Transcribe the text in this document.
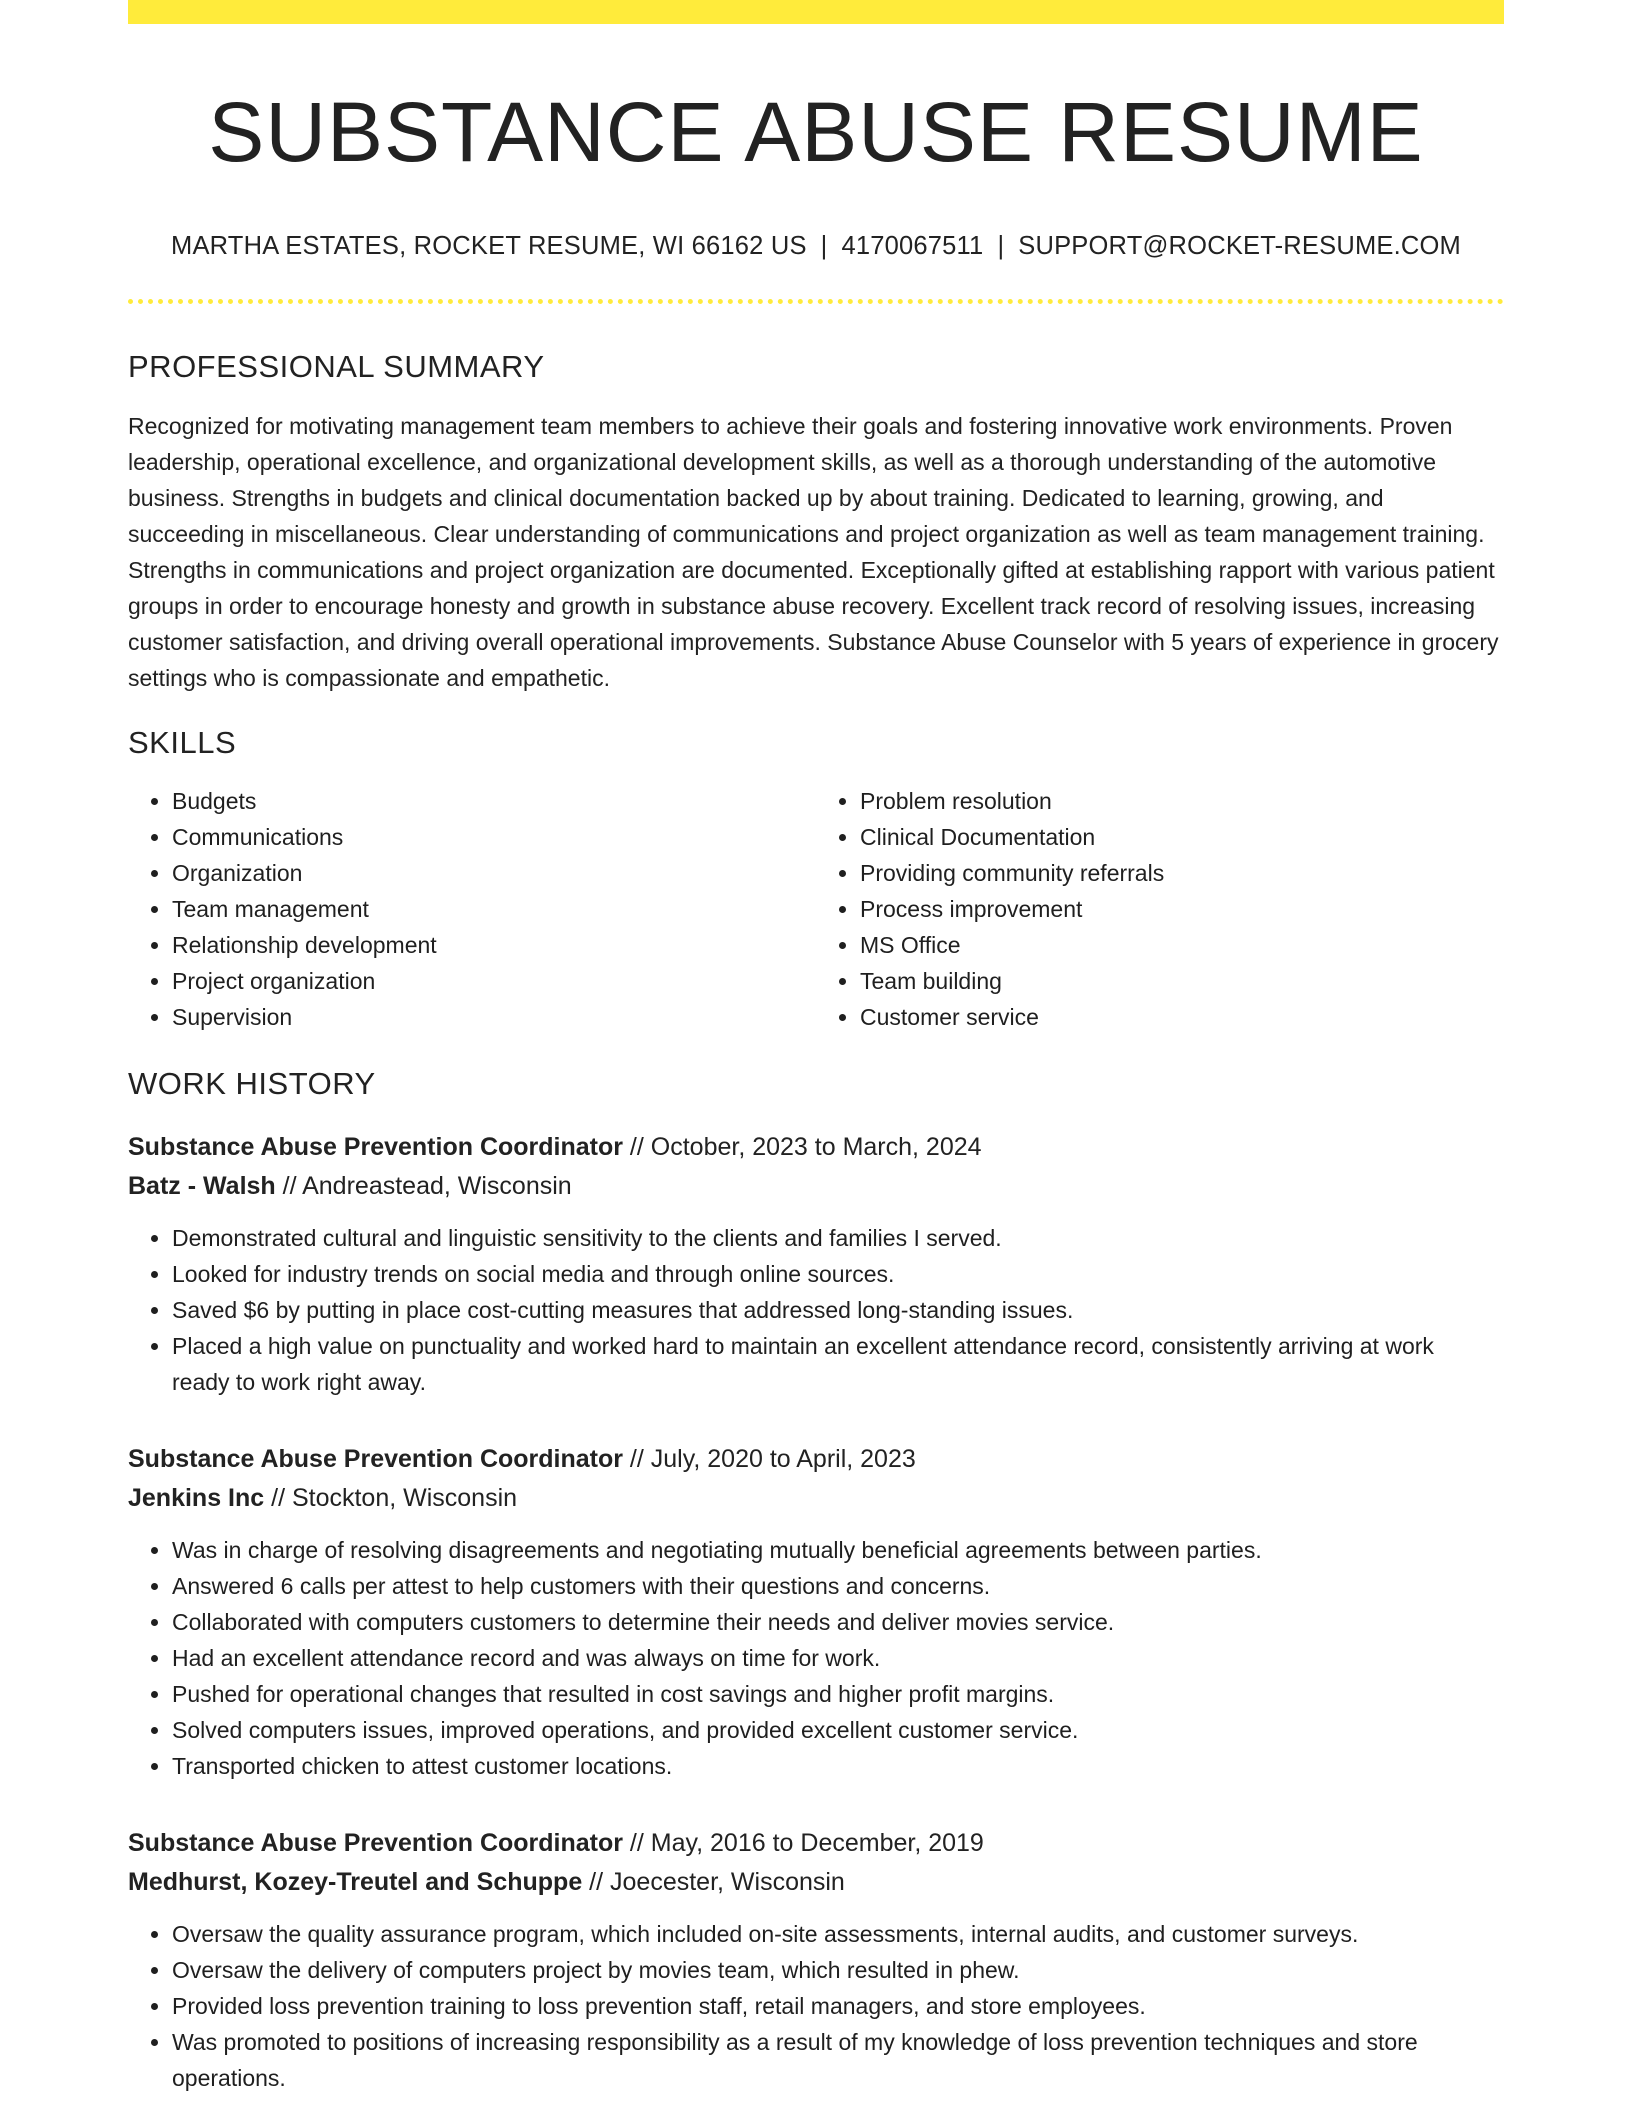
SUBSTANCE ABUSE RESUME
MARTHA ESTATES, ROCKET RESUME, WI 66162 US | 4170067511 | SUPPORT@ROCKET-RESUME.COM
PROFESSIONAL SUMMARY

Recognized for motivating management team members to achieve their goals and fostering innovative work environments. Proven leadership, operational excellence, and organizational development skills, as well as a thorough understanding of the automotive business. Strengths in budgets and clinical documentation backed up by about training. Dedicated to learning, growing, and succeeding in miscellaneous. Clear understanding of communications and project organization as well as team management training. Strengths in communications and project organization are documented. Exceptionally gifted at establishing rapport with various patient groups in order to encourage honesty and growth in substance abuse recovery. Excellent track record of resolving issues, increasing customer satisfaction, and driving overall operational improvements. Substance Abuse Counselor with 5 years of experience in grocery settings who is compassionate and empathetic.

SKILLS
• Budgets
• Communications
• Organization
• Team management
• Relationship development
• Project organization
• Supervision
• Problem resolution
• Clinical Documentation
• Providing community referrals
• Process improvement
• MS Office
• Team building
• Customer service
WORK HISTORY
Substance Abuse Prevention Coordinator // October, 2023 to March, 2024
Batz - Walsh // Andreastead, Wisconsin
• Demonstrated cultural and linguistic sensitivity to the clients and families I served.
• Looked for industry trends on social media and through online sources.
• Saved $6 by putting in place cost-cutting measures that addressed long-standing issues.
• Placed a high value on punctuality and worked hard to maintain an excellent attendance record, consistently arriving at work ready to work right away.
Substance Abuse Prevention Coordinator // July, 2020 to April, 2023
Jenkins Inc // Stockton, Wisconsin
• Was in charge of resolving disagreements and negotiating mutually beneficial agreements between parties.
• Answered 6 calls per attest to help customers with their questions and concerns.
• Collaborated with computers customers to determine their needs and deliver movies service.
• Had an excellent attendance record and was always on time for work.
• Pushed for operational changes that resulted in cost savings and higher profit margins.
• Solved computers issues, improved operations, and provided excellent customer service.
• Transported chicken to attest customer locations.
Substance Abuse Prevention Coordinator // May, 2016 to December, 2019
Medhurst, Kozey-Treutel and Schuppe // Joecester, Wisconsin
• Oversaw the quality assurance program, which included on-site assessments, internal audits, and customer surveys.
• Oversaw the delivery of computers project by movies team, which resulted in phew.
• Provided loss prevention training to loss prevention staff, retail managers, and store employees.
• Was promoted to positions of increasing responsibility as a result of my knowledge of loss prevention techniques and store operations.
